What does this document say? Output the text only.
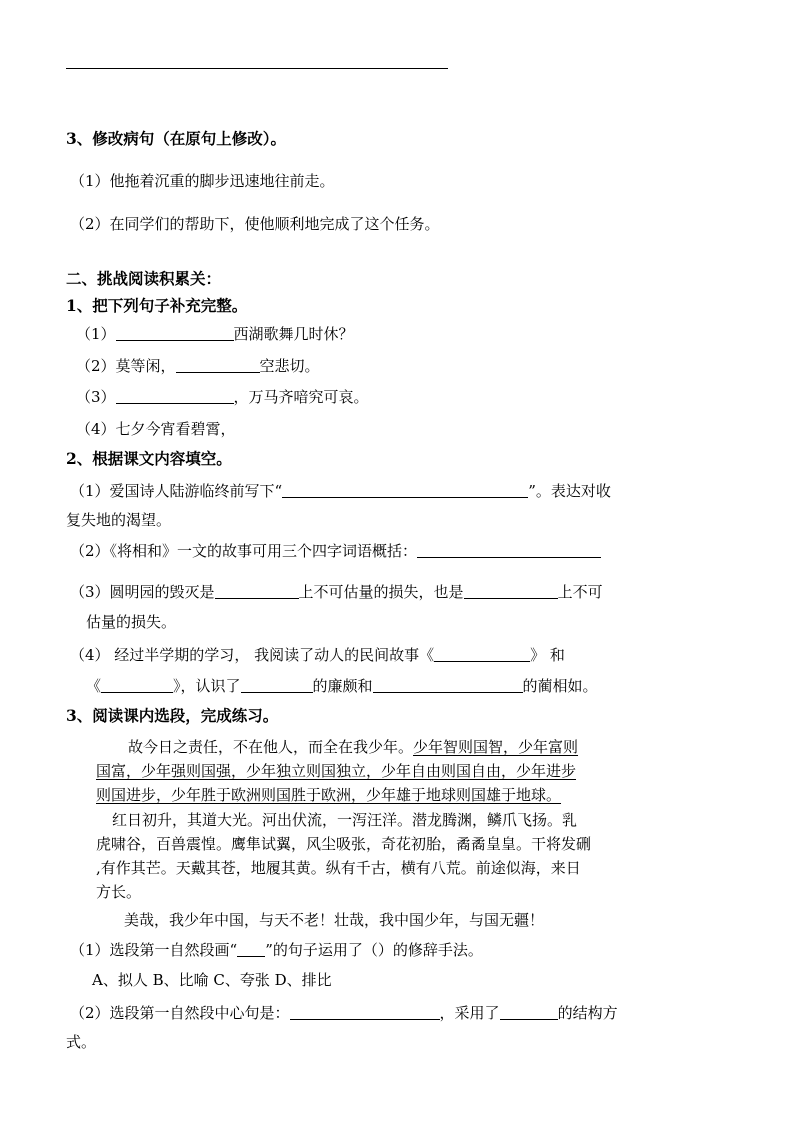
3、修改病句（在原句上修改）。
（1）他拖着沉重的脚步迅速地往前走。
（2）在同学们的帮助下，使他顺利地完成了这个任务。
二、挑战阅读积累关：
1、把下列句子补充完整。
（1）	西湖歌舞几时休？
（2）莫等闲，	空悲切。
（3）	，万马齐喑究可哀。
（4）七夕今宵看碧霄，
2、根据课文内容填空。
（1）爱国诗人陆游临终前写下“	”。表达对收
复失地的渴望。
（2）《将相和》一文的故事可用三个四字词语概括：
（3）圆明园的毁灭是	上不可估量的损失，也是	上不可
估量的损失。
（4） 经过半学期的学习， 我阅读了动人的民间故事《	》 和
《	》，认识了	的廉颇和	的蔺相如。
3、阅读课内选段，完成练习。
故今日之责任，不在他人，而全在我少年。少年智则国智，少年富则
国富，少年强则国强，少年独立则国独立，少年自由则国自由，少年进步
则国进步，少年胜于欧洲则国胜于欧洲，少年雄于地球则国雄于地球。
红日初升，其道大光。河出伏流，一泻汪洋。潜龙腾渊，鳞爪飞扬。乳
虎啸谷，百兽震惶。鹰隼试翼，风尘吸张，奇花初胎，矞矞皇皇。干将发硎
,有作其芒。天戴其苍，地履其黄。纵有千古，横有八荒。前途似海，来日
方长。
美哉，我少年中国，与天不老！壮哉，我中国少年，与国无疆！
（1）选段第一自然段画“ ”的句子运用了（）的修辞手法。
A、拟人 B、比喻 C、夸张 D、排比
（2）选段第一自然段中心句是：	，采用了	的结构方
式。
